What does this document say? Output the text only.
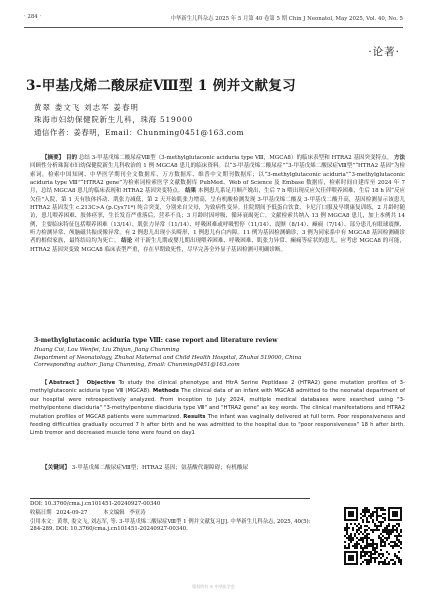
· 284 ·	中华新生儿科杂志 2025 年 5 月第 40 卷第 5 期 Chin J Neonatol, May 2025, Vol. 40, No. 5
·论著·
3-甲基戊烯二酸尿症Ⅷ型 1 例并文献复习
黄翠 娄文飞 刘志军 姜春明
珠海市妇幼保健院新生儿科，珠海 519000
通信作者：姜春明，Email：Chunming0451@163.com
【摘要】 目的 总结 3-甲基戊烯二酸尿症Ⅷ型（3-methylglutaconic aciduria type Ⅷ，MGCA8）的临床表型和 HTRA2 基因突变特点。 方法 回顾性分析珠海市妇幼保健院新生儿科收治的 1 例 MGCA8 患儿的临床资料。以“3-甲基戊烯二酸尿症”“3-甲基戊烯二酸尿症Ⅷ型”“HTRA2 基因”为检索词，检索中国知网、中华医学期刊全文数据库、万方数据库、维普中文期刊数据库；以“3-methylglutaconic aciduria”“3-methylglutaconic aciduria type Ⅷ”“HTRA2 gene”为检索词检索医学文献数据库 PubMed、Web of Science 及 Embase 数据库，检索时间自建库至 2024 年 7 月，总结 MGCA8 患儿的临床表现和 HTRA2 基因突变特点。 结果 本例患儿系足月顺产娩出，生后 7 h 喂出现反应欠佳伴喂养困难，生后 18 h 因“反应欠佳”入院，第 1 天有肢体抖动、肌张力减低，第 2 天开始肌张力增高，呈有机酸检测发现 3-甲基戊烯二酸及 3-甲基戊二酸升高，基因检测显示该患儿 HTRA2 基因发生 c.213C>A (p.Cys71*) 纯合突变，分别来自父母，为致病性变异。住院期间予低蛋白饮食、卡尼汀口服及早期康复训练，2 月龄时随访，患儿喂养困难、肢体痉挛，生长发育严重落后，营养不良；3 月龄时因呼吸、循环衰竭死亡。文献检索共纳入 13 例 MGCA8 患儿，加上本例共 14 例，主要临床特征包括喂养困难（13/14）、肌张力异常（11/14）、呼吸困难或呼吸暂停（11/14）、震颤（8/14）、癫痫（7/14）、部分患儿有眼球震颤、听力检测异常、颅脑磁共振成像异常，有 2 例患儿出现小头畸形，1 例患儿有白内障。11 例为基因检测确诊，3 例为同家系中有 MGCA8 基因检测确诊者的相似家族，最终结局均为死亡。 结论 对于新生儿期或婴儿期出现喂养困难、呼吸困难、肌张力异常、癫痫等症状的患儿，应考虑 MGCA8 的可能，HTRA2 基因突变致 MGCA8 临床表型严重，存在早期致死性，尽早完善全外显子基因检测可明确诊断。
【关键词】 3-甲基戊烯二酸尿症Ⅷ型；HTRA2 基因；氨基酸代谢障碍；有机酸尿
3-methylglutaconic aciduria type Ⅷ: case report and literature review
Huang Cui, Lou Wenfei, Liu Zhijun, Jiang Chunming
Department of Neonatology, Zhuhai Maternal and Child Health Hospital, Zhuhai 519000, China
Corresponding author: Jiang Chunming, Email: Chunming0451@163.com
【Abstract】 Objective To study the clinical phenotype and HtrA Serine Peptidase 2 (HTRA2) gene mutation profiles of 3-methylglutaconic aciduria type Ⅷ (MGCA8). Methods The clinical data of an infant with MGCA8 admitted to the neonatal department of our hospital were retrospectively analyzed. From inception to July 2024, multiple medical databases were searched using "3-methylpentene diaciduria" "3-methylpentene diaciduria type Ⅷ" and "HTRA2 gene" as key words. The clinical manifestations and HTRA2 mutation profiles of MGCA8 patients were summarized. Results The infant was vaginally delivered at full term. Poor responsiveness and feeding difficulties gradually occurred 7 h after birth and he was admitted to the hospital due to "poor responsiveness" 18 h after birth. Limb tremor and decreased muscle tone were found on day1
DOI: 10.3760/cma.j.cn101451-20240927-00340
收稿日期 2024-09-27	本文编辑 李亚涛
引用本文：黄翠, 娄文飞, 刘志军, 等. 3-甲基戊烯二酸尿症Ⅷ型 1 例并文献复习[J]. 中华新生儿科杂志, 2025, 40(5): 284-289. DOI: 10.3760/cma.j.cn101451-20240927-00340.
版权所有 © 中华医学会
